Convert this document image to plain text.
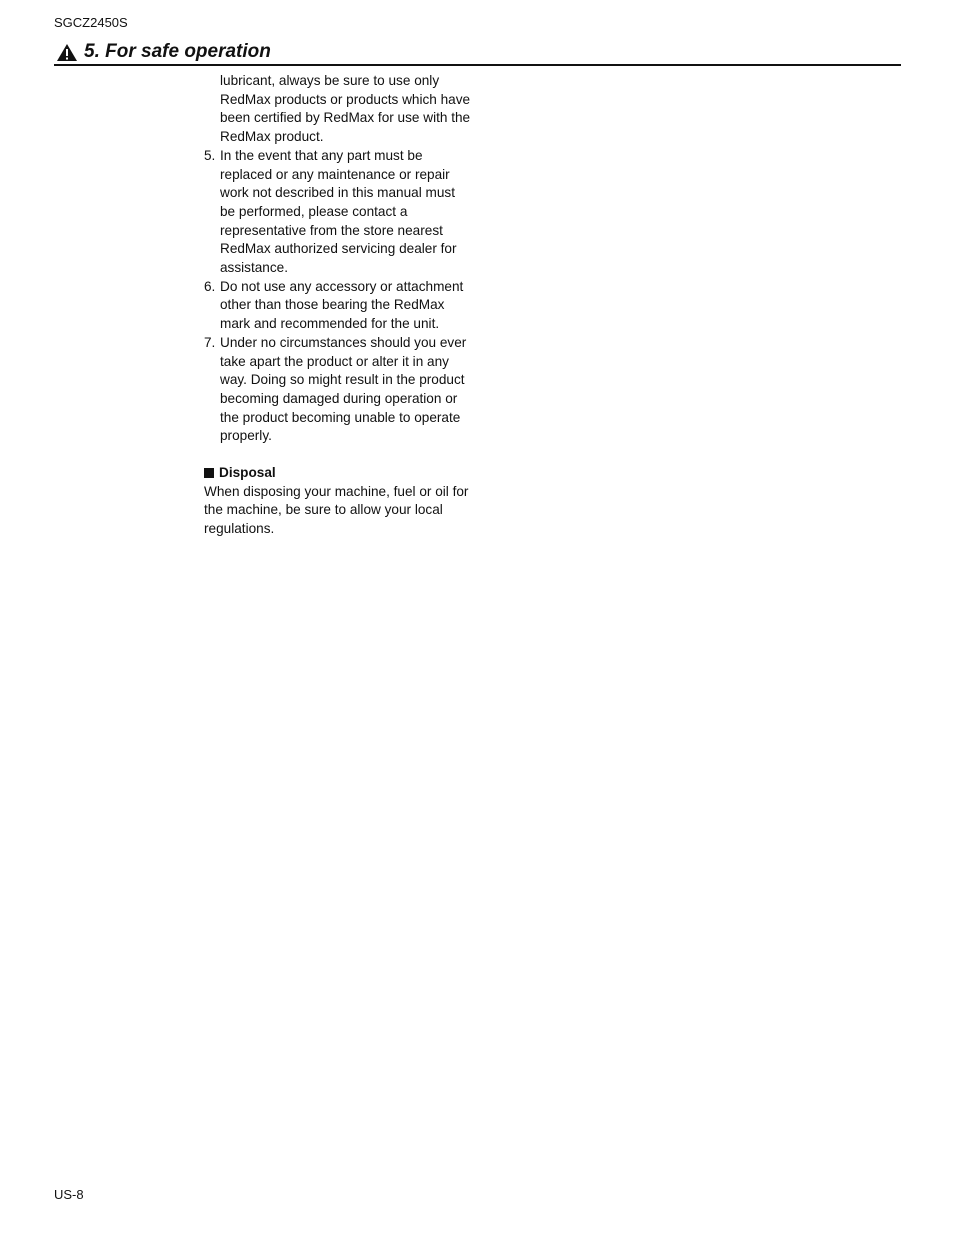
SGCZ2450S
5. For safe operation

lubricant, always be sure to use only RedMax products or products which have been certified by RedMax for use with the RedMax product.

5. In the event that any part must be replaced or any maintenance or repair work not described in this manual must be performed, please contact a representative from the store nearest RedMax authorized servicing dealer for assistance.
6. Do not use any accessory or attachment other than those bearing the RedMax mark and recommended for the unit.
7. Under no circumstances should you ever take apart the product or alter it in any way. Doing so might result in the product becoming damaged during operation or the product becoming unable to operate properly.
Disposal

When disposing your machine, fuel or oil for the machine, be sure to allow your local regulations.

US-8
